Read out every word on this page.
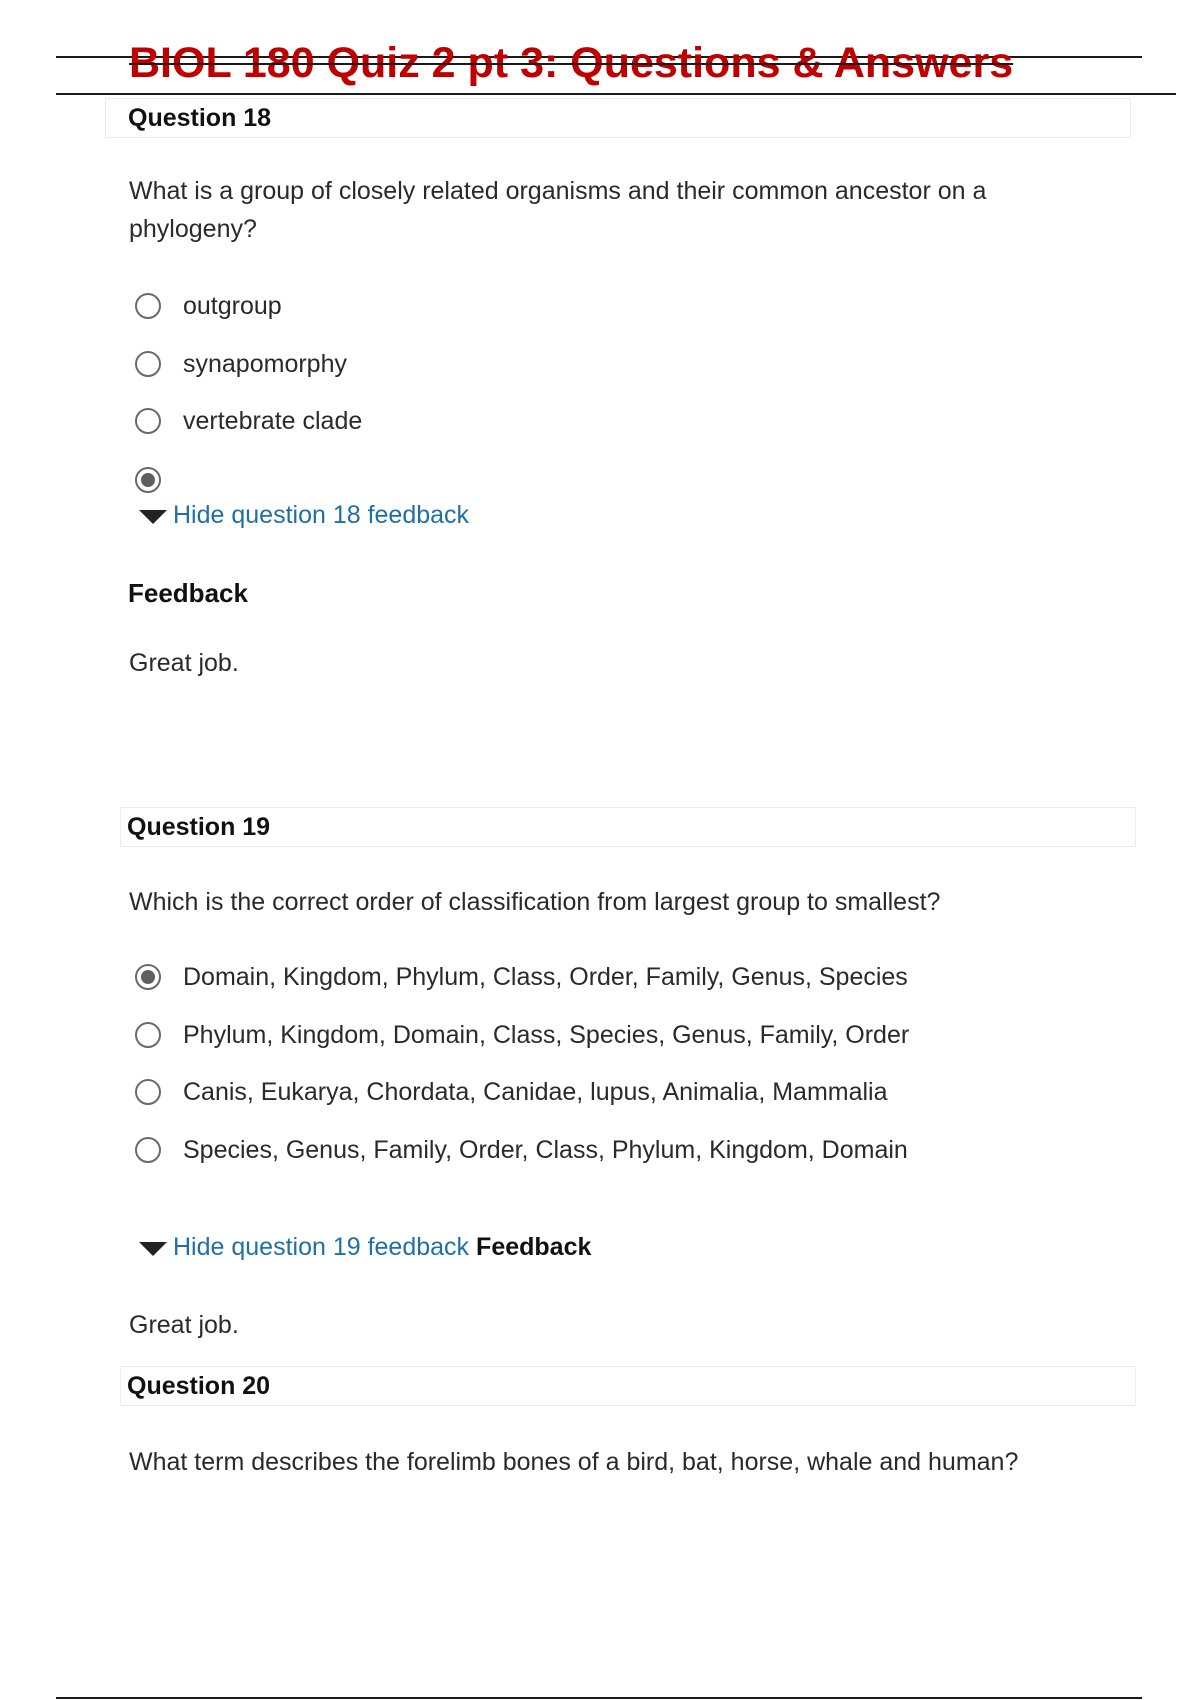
BIOL 180 Quiz 2 pt 3: Questions & Answers
Question 18
What is a group of closely related organisms and their common ancestor on a phylogeny?
outgroup
synapomorphy
vertebrate clade
Hide question 18 feedback
Feedback
Great job.
Question 19
Which is the correct order of classification from largest group to smallest?
Domain, Kingdom, Phylum, Class, Order, Family, Genus, Species
Phylum, Kingdom, Domain, Class, Species, Genus, Family, Order
Canis, Eukarya, Chordata, Canidae, lupus, Animalia, Mammalia
Species, Genus, Family, Order, Class, Phylum, Kingdom, Domain
Hide question 19 feedback Feedback
Great job.
Question 20
What term describes the forelimb bones of a bird, bat, horse, whale and human?
